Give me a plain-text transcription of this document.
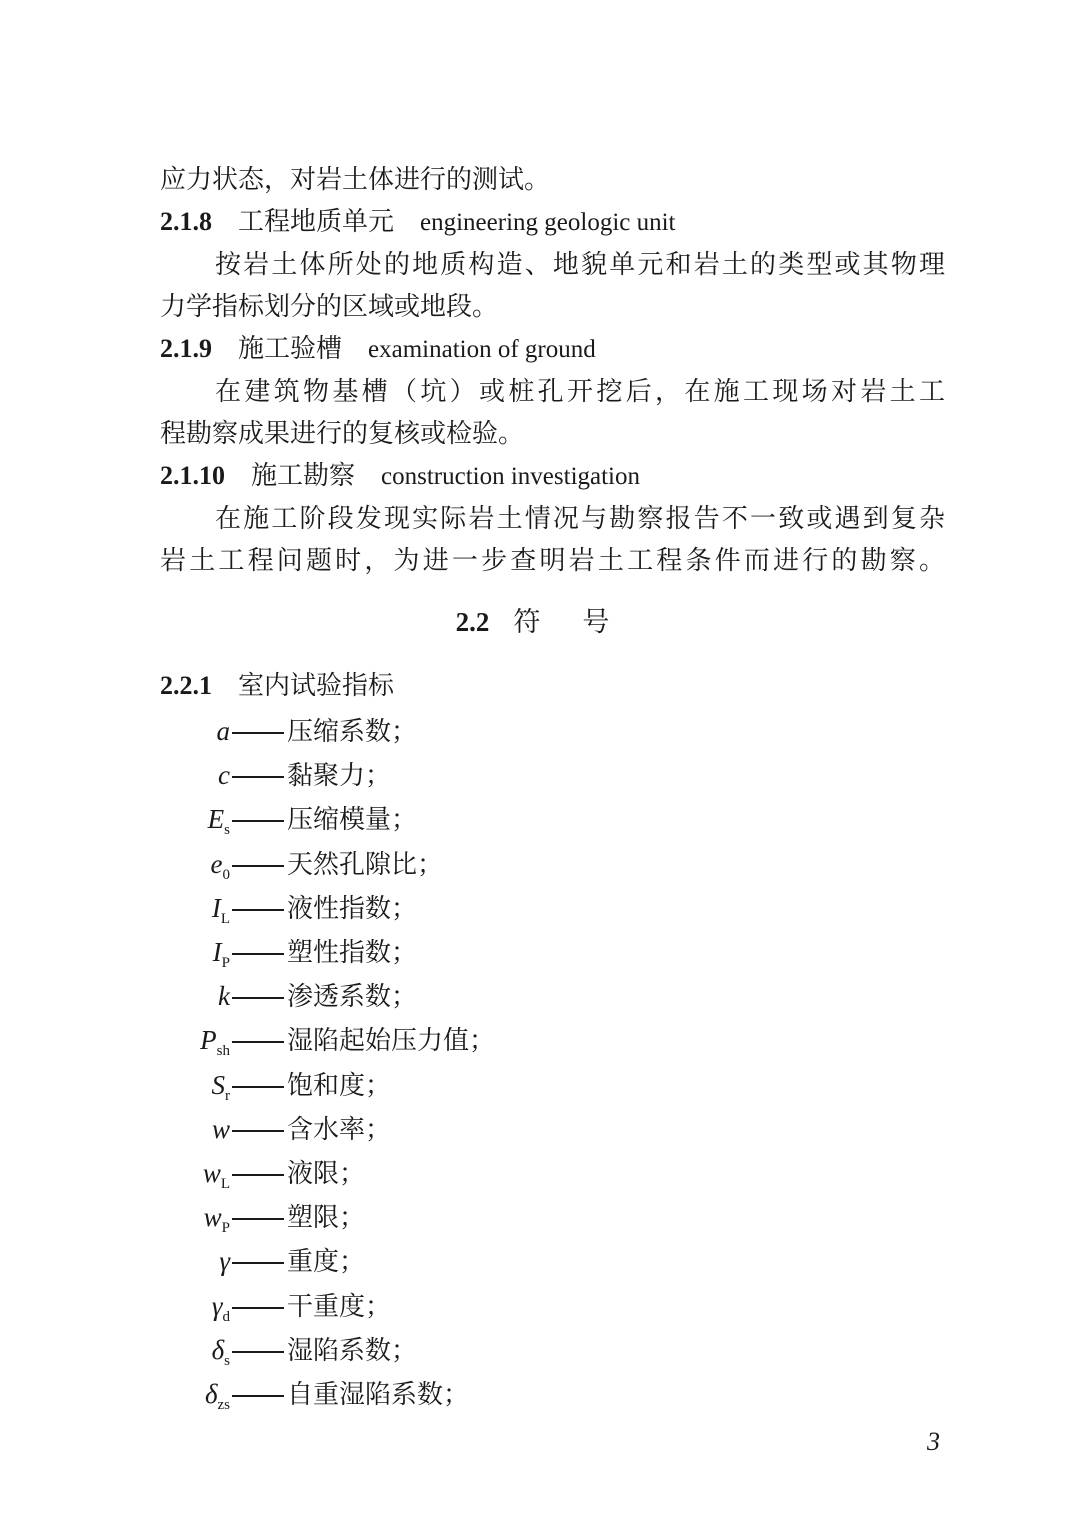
应力状态，对岩土体进行的测试。
2.1.8 工程地质单元 engineering geologic unit
按岩土体所处的地质构造、地貌单元和岩土的类型或其物理
力学指标划分的区域或地段。
2.1.9 施工验槽 examination of ground
在建筑物基槽（坑）或桩孔开挖后，在施工现场对岩土工
程勘察成果进行的复核或检验。
2.1.10 施工勘察 construction investigation
在施工阶段发现实际岩土情况与勘察报告不一致或遇到复杂
岩土工程问题时，为进一步查明岩土工程条件而进行的勘察。
2.2 符 号
2.2.1 室内试验指标
a 压缩系数；
c 黏聚力；
$E_s$ 压缩模量；
$e_0$ 天然孔隙比；
$I_L$ 液性指数；
$I_P$ 塑性指数；
k 渗透系数；
$P_{sh}$ 湿陷起始压力值；
$S_r$ 饱和度；
w 含水率；
$w_L$ 液限；
$w_P$ 塑限；
γ 重度；
$\gamma_d$ 干重度；
$\delta_s$ 湿陷系数；
$\delta_{zs}$ 自重湿陷系数；
3
